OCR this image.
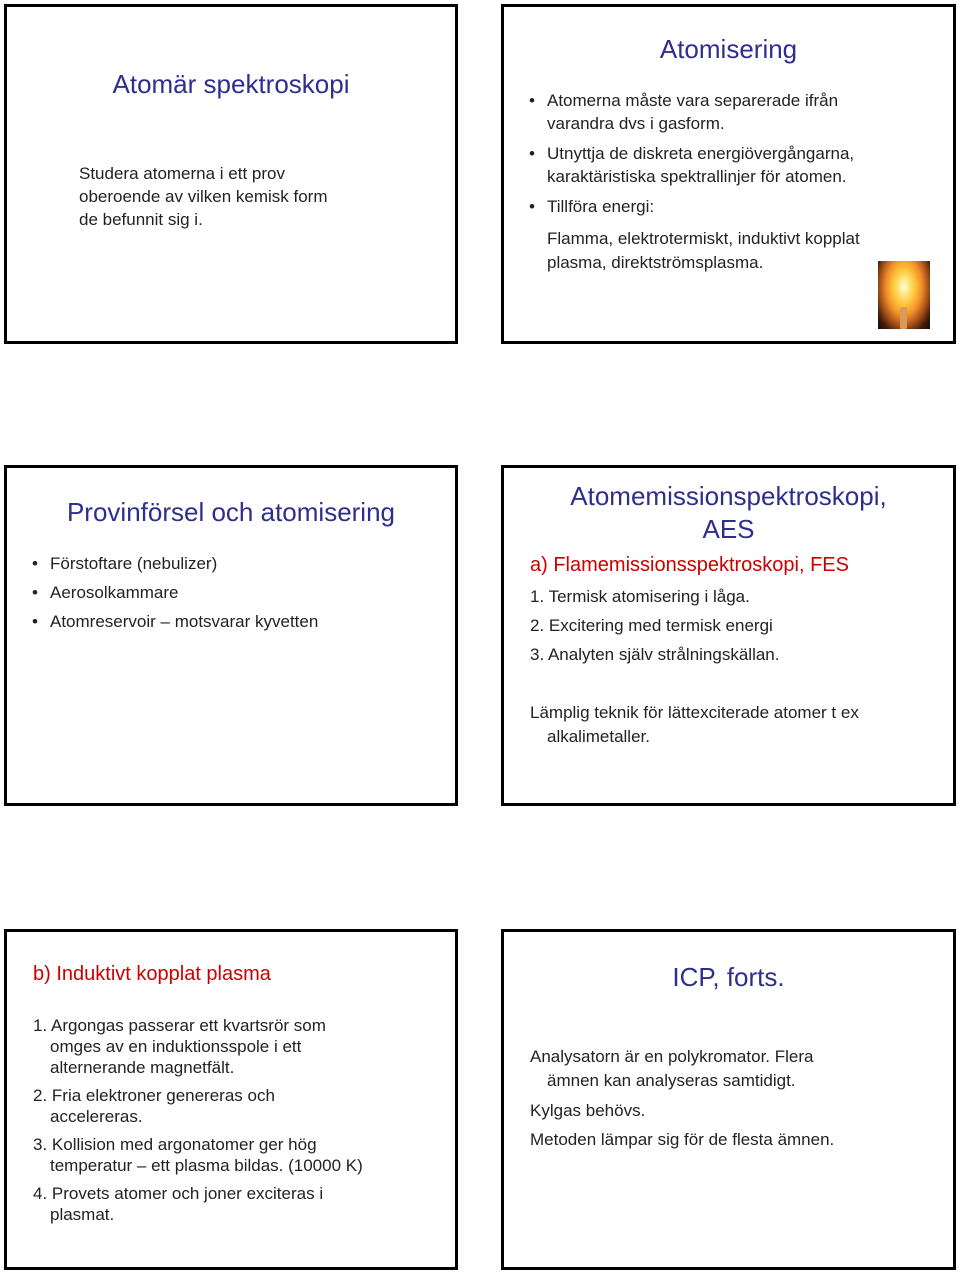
Atomär spektroskopi
Studera atomerna i ett prov
oberoende av vilken kemisk form
de befunnit sig i.
Atomisering
• Atomerna måste vara separerade ifrån
varandra dvs i gasform.
• Utnyttja de diskreta energiövergångarna,
karaktäristiska spektrallinjer för atomen.
• Tillföra energi:
Flamma, elektrotermiskt, induktivt kopplat
plasma, direktströmsplasma.
Provinförsel och atomisering
• Förstoftare (nebulizer)
• Aerosolkammare
• Atomreservoir – motsvarar kyvetten
Atomemissionspektroskopi,
AES
a) Flamemissionsspektroskopi, FES
1. Termisk atomisering i låga.
2. Excitering med termisk energi
3. Analyten själv strålningskällan.
Lämplig teknik för lättexciterade atomer t ex
alkalimetaller.
b) Induktivt kopplat plasma
1. Argongas passerar ett kvartsrör som
omges av en induktionsspole i ett
alternerande magnetfält.
2. Fria elektroner genereras och
accelereras.
3. Kollision med argonatomer ger hög
temperatur – ett plasma bildas. (10000 K)
4. Provets atomer och joner exciteras i
plasmat.
ICP, forts.
Analysatorn är en polykromator. Flera
ämnen kan analyseras samtidigt.
Kylgas behövs.
Metoden lämpar sig för de flesta ämnen.
